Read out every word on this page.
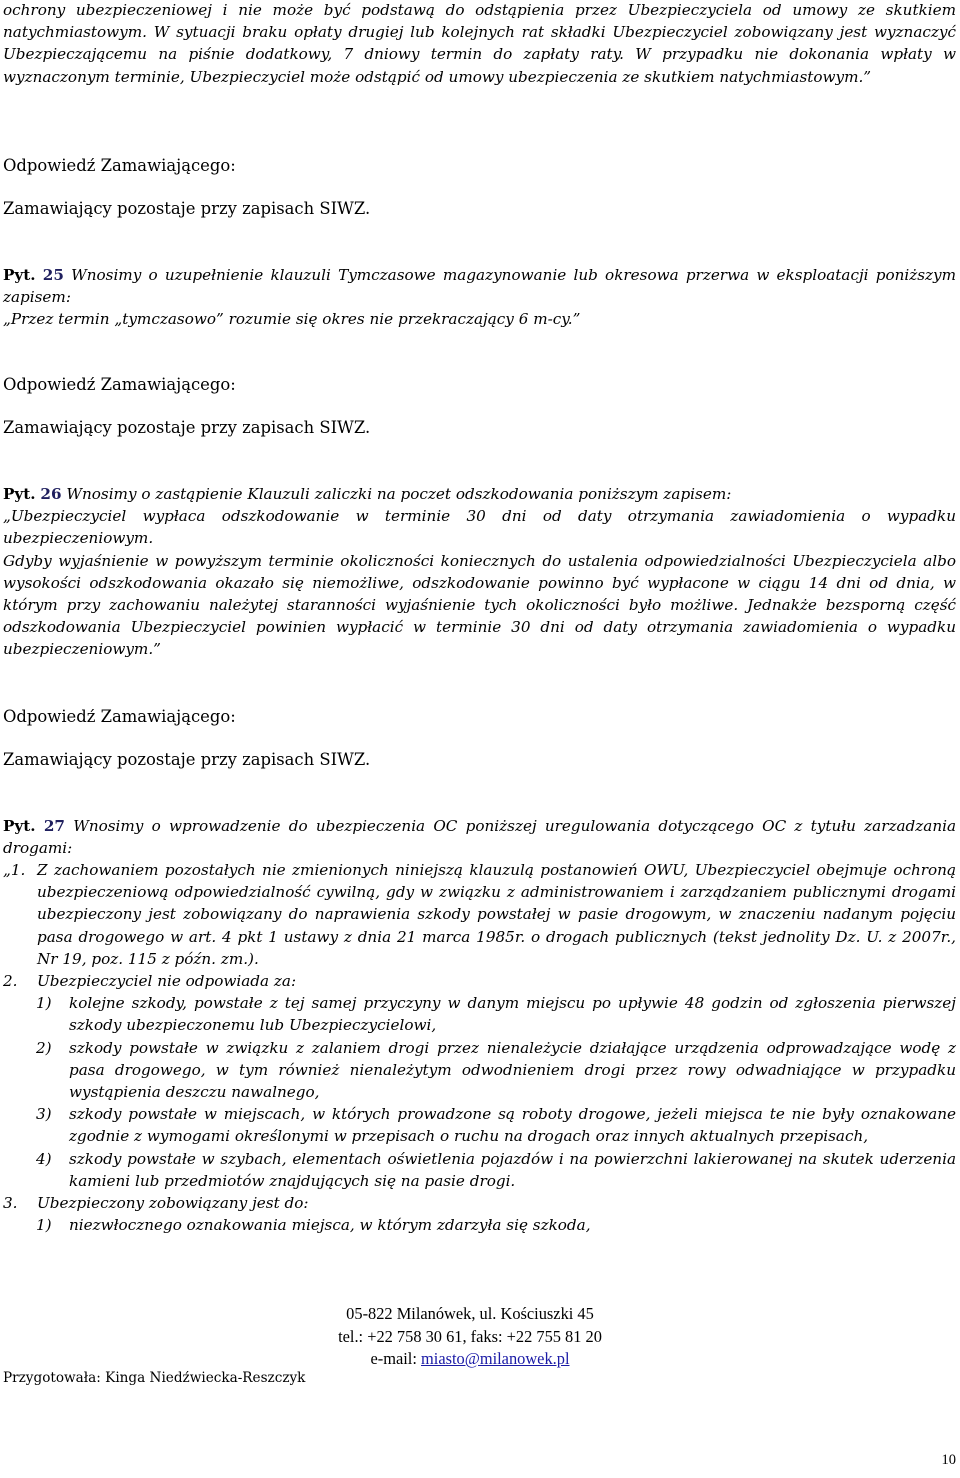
ochrony ubezpieczeniowej i nie może być podstawą do odstąpienia przez Ubezpieczyciela od umowy ze skutkiem natychmiastowym. W sytuacji braku opłaty drugiej lub kolejnych rat składki Ubezpieczyciel zobowiązany jest wyznaczyć Ubezpieczającemu na piśnie dodatkowy, 7 dniowy termin do zapłaty raty. W przypadku nie dokonania wpłaty w wyznaczonym terminie, Ubezpieczyciel może odstąpić od umowy ubezpieczenia ze skutkiem natychmiastowym.”
Odpowiedź Zamawiającego:
Zamawiający pozostaje przy zapisach SIWZ.
Pyt. 25 Wnosimy o uzupełnienie klauzuli Tymczasowe magazynowanie lub okresowa przerwa w eksploatacji poniższym zapisem:
„Przez termin „tymczasowo” rozumie się okres nie przekraczający 6 m-cy.”
Odpowiedź Zamawiającego:
Zamawiający pozostaje przy zapisach SIWZ.
Pyt. 26 Wnosimy o zastąpienie Klauzuli zaliczki na poczet odszkodowania poniższym zapisem:
„Ubezpieczyciel wypłaca odszkodowanie w terminie 30 dni od daty otrzymania zawiadomienia o wypadku ubezpieczeniowym.
Gdyby wyjaśnienie w powyższym terminie okoliczności koniecznych do ustalenia odpowiedzialności Ubezpieczyciela albo wysokości odszkodowania okazało się niemożliwe, odszkodowanie powinno być wypłacone w ciągu 14 dni od dnia, w którym przy zachowaniu należytej staranności wyjaśnienie tych okoliczności było możliwe. Jednakże bezsporną część odszkodowania Ubezpieczyciel powinien wypłacić w terminie 30 dni od daty otrzymania zawiadomienia o wypadku ubezpieczeniowym.”
Odpowiedź Zamawiającego:
Zamawiający pozostaje przy zapisach SIWZ.
Pyt. 27 Wnosimy o wprowadzenie do ubezpieczenia OC poniższej uregulowania dotyczącego OC z tytułu zarzadzania drogami:
„1. Z zachowaniem pozostałych nie zmienionych niniejszą klauzulą postanowień OWU, Ubezpieczyciel obejmuje ochroną ubezpieczeniową odpowiedzialność cywilną, gdy w związku z administrowaniem i zarządzaniem publicznymi drogami ubezpieczony jest zobowiązany do naprawienia szkody powstałej w pasie drogowym, w znaczeniu nadanym pojęciu pasa drogowego w art. 4 pkt 1 ustawy z dnia 21 marca 1985r. o drogach publicznych (tekst jednolity Dz. U. z 2007r., Nr 19, poz. 115 z późn. zm.).
2.	Ubezpieczyciel nie odpowiada za:
1)	kolejne szkody, powstałe z tej samej przyczyny w danym miejscu po upływie 48 godzin od zgłoszenia pierwszej szkody ubezpieczonemu lub Ubezpieczycielowi,
2)	szkody powstałe w związku z zalaniem drogi przez nienależycie działające urządzenia odprowadzające wodę z pasa drogowego, w tym również nienależytym odwodnieniem drogi przez rowy odwadniające w przypadku wystąpienia deszczu nawalnego,
3)	szkody powstałe w miejscach, w których prowadzone są roboty drogowe, jeżeli miejsca te nie były oznakowane zgodnie z wymogami określonymi w przepisach o ruchu na drogach oraz innych aktualnych przepisach,
4)	szkody powstałe w szybach, elementach oświetlenia pojazdów i na powierzchni lakierowanej na skutek uderzenia kamieni lub przedmiotów znajdujących się na pasie drogi.
3.	Ubezpieczony zobowiązany jest do:
1)	niezwłocznego oznakowania miejsca, w którym zdarzyła się szkoda,
05-822 Milanówek, ul. Kościuszki 45
tel.: +22 758 30 61, faks: +22 755 81 20
e-mail: miasto@milanowek.pl
Przygotowała: Kinga Niedźwiecka-Reszczyk
10
